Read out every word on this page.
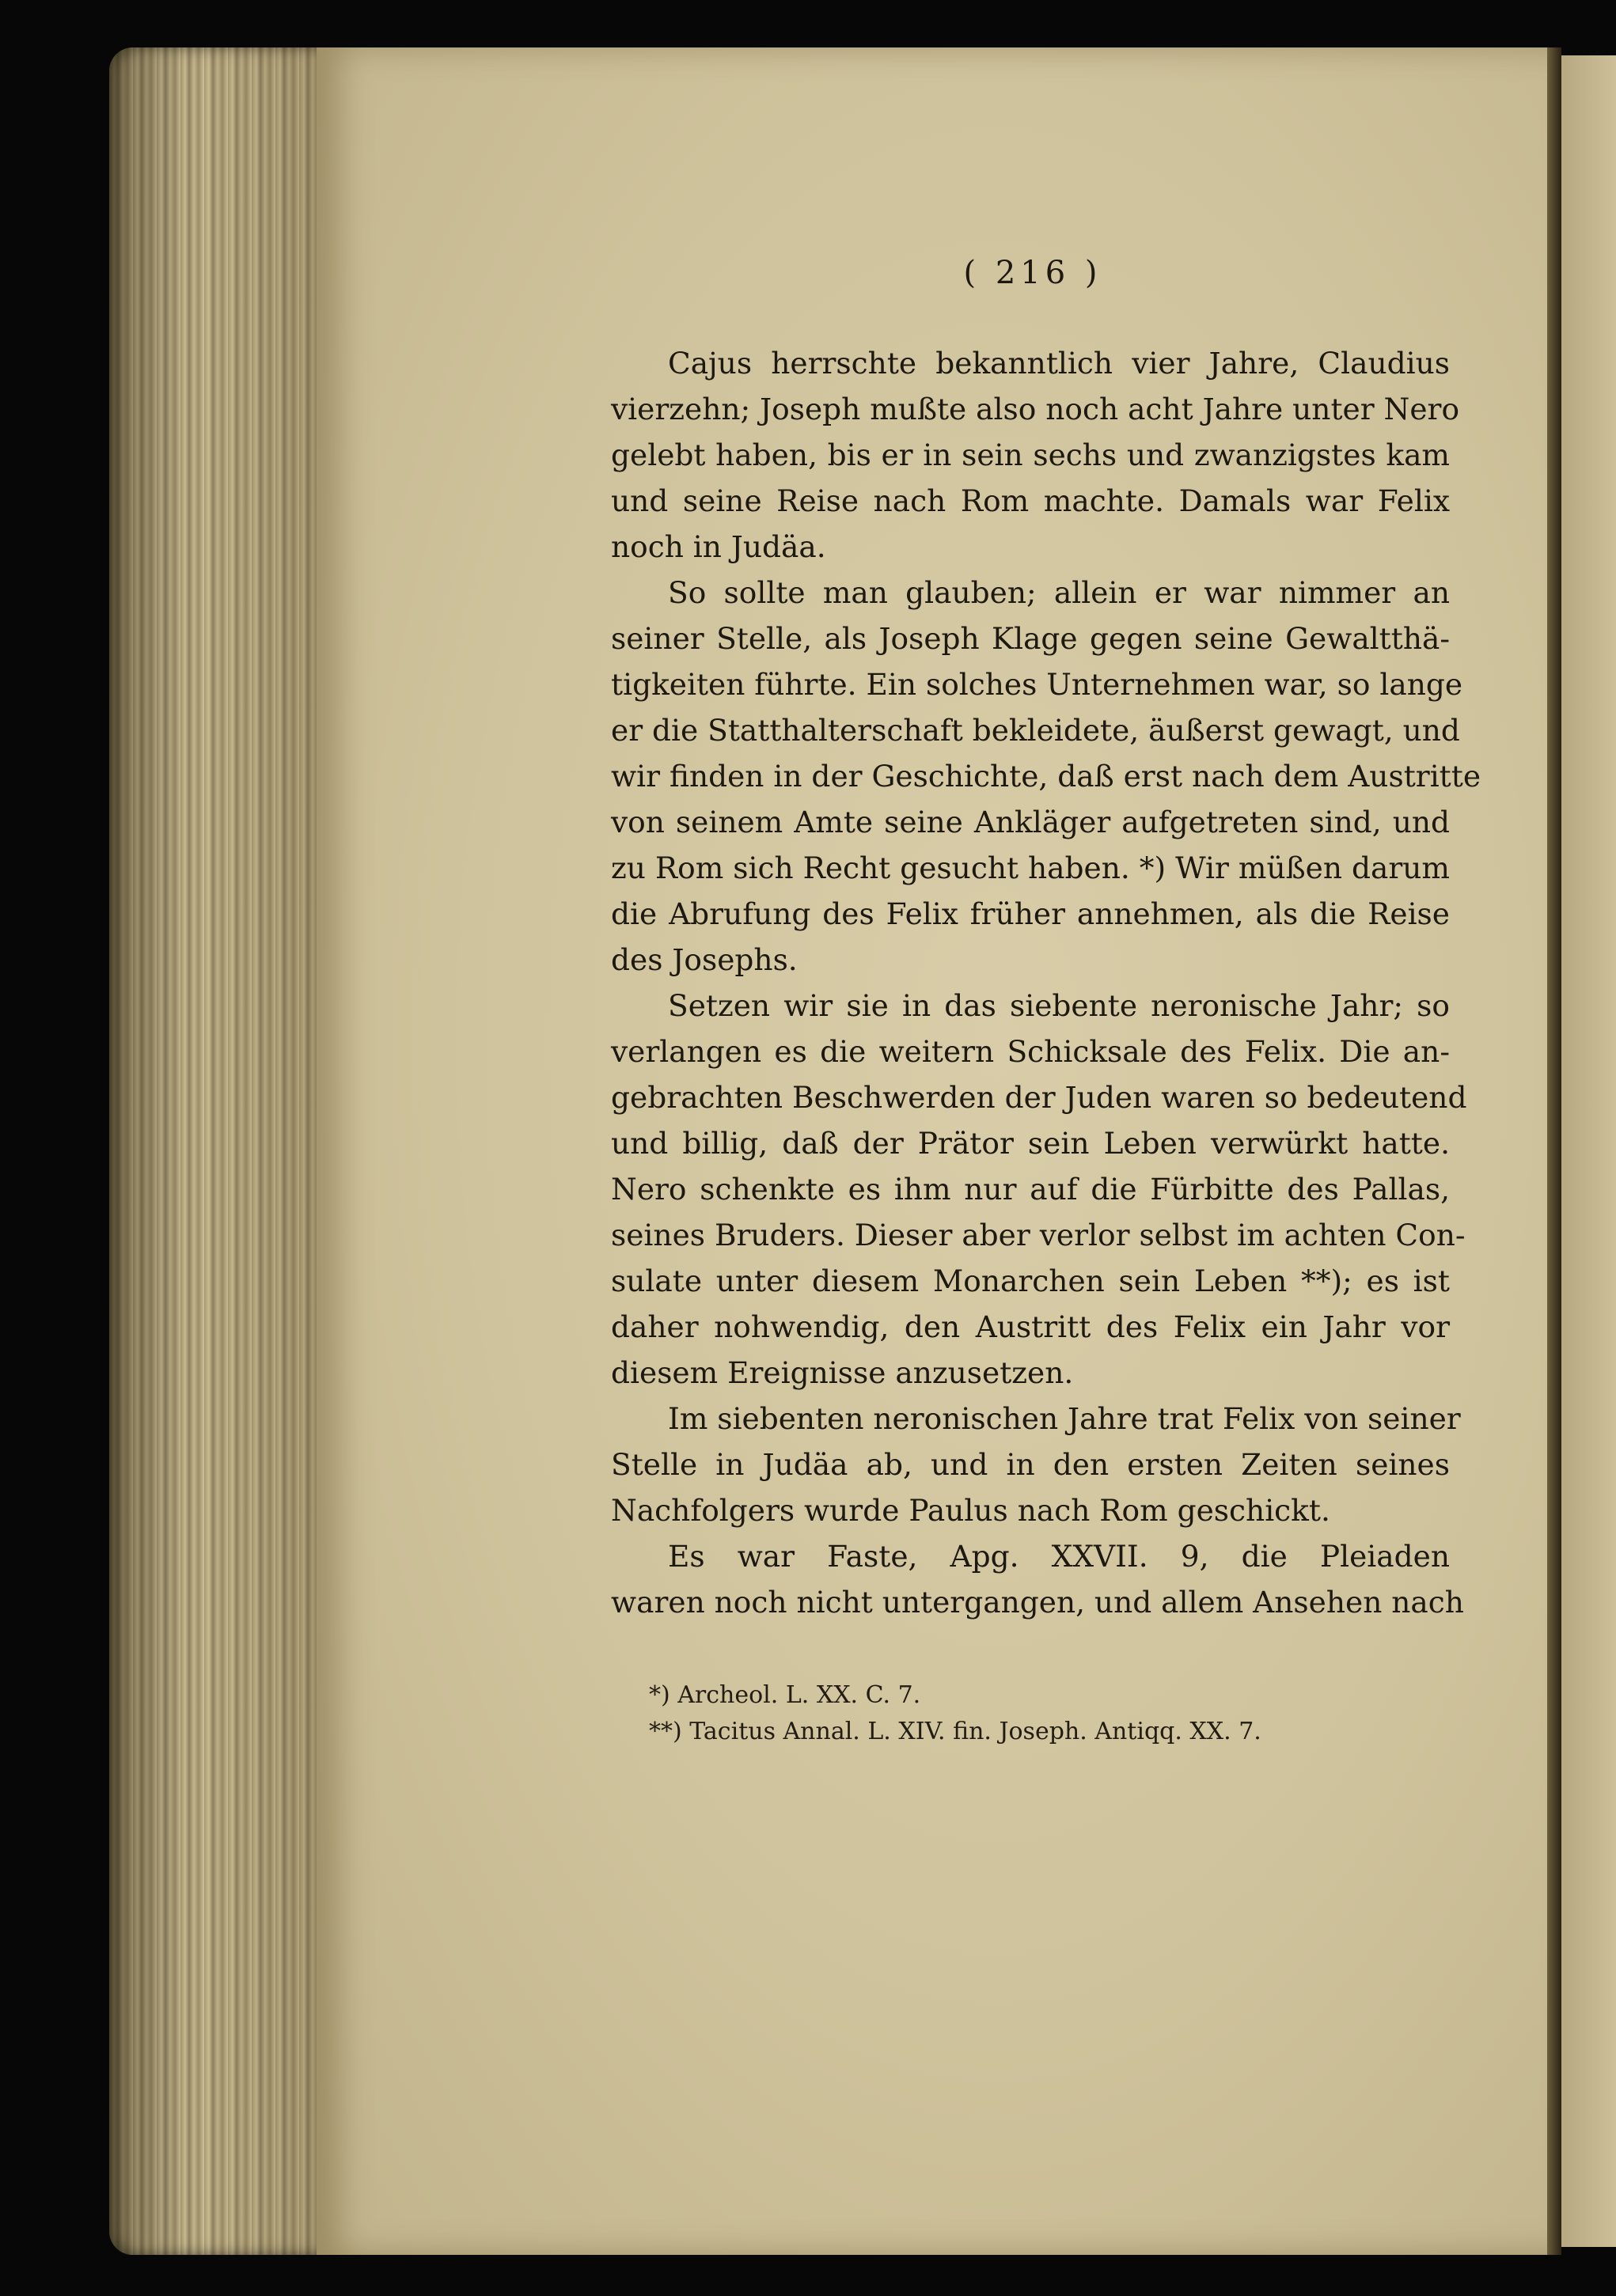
( 216 )
Cajus herrschte bekanntlich vier Jahre, Claudius
vierzehn; Joseph mußte also noch acht Jahre unter Nero
gelebt haben, bis er in sein sechs und zwanzigstes kam
und seine Reise nach Rom machte. Damals war Felix
noch in Judäa.
So sollte man glauben; allein er war nimmer an
seiner Stelle, als Joseph Klage gegen seine Gewaltthä-
tigkeiten führte. Ein solches Unternehmen war, so lange
er die Statthalterschaft bekleidete, äußerst gewagt, und
wir finden in der Geschichte, daß erst nach dem Austritte
von seinem Amte seine Ankläger aufgetreten sind, und
zu Rom sich Recht gesucht haben. *) Wir müßen darum
die Abrufung des Felix früher annehmen, als die Reise
des Josephs.
Setzen wir sie in das siebente neronische Jahr; so
verlangen es die weitern Schicksale des Felix. Die an-
gebrachten Beschwerden der Juden waren so bedeutend
und billig, daß der Prätor sein Leben verwürkt hatte.
Nero schenkte es ihm nur auf die Fürbitte des Pallas,
seines Bruders. Dieser aber verlor selbst im achten Con-
sulate unter diesem Monarchen sein Leben **); es ist
daher nohwendig, den Austritt des Felix ein Jahr vor
diesem Ereignisse anzusetzen.
Im siebenten neronischen Jahre trat Felix von seiner
Stelle in Judäa ab, und in den ersten Zeiten seines
Nachfolgers wurde Paulus nach Rom geschickt.
Es war Faste, Apg. XXVII. 9, die Pleiaden
waren noch nicht untergangen, und allem Ansehen nach
*) Archeol. L. XX. C. 7.
**) Tacitus Annal. L. XIV. fin. Joseph. Antiqq. XX. 7.
